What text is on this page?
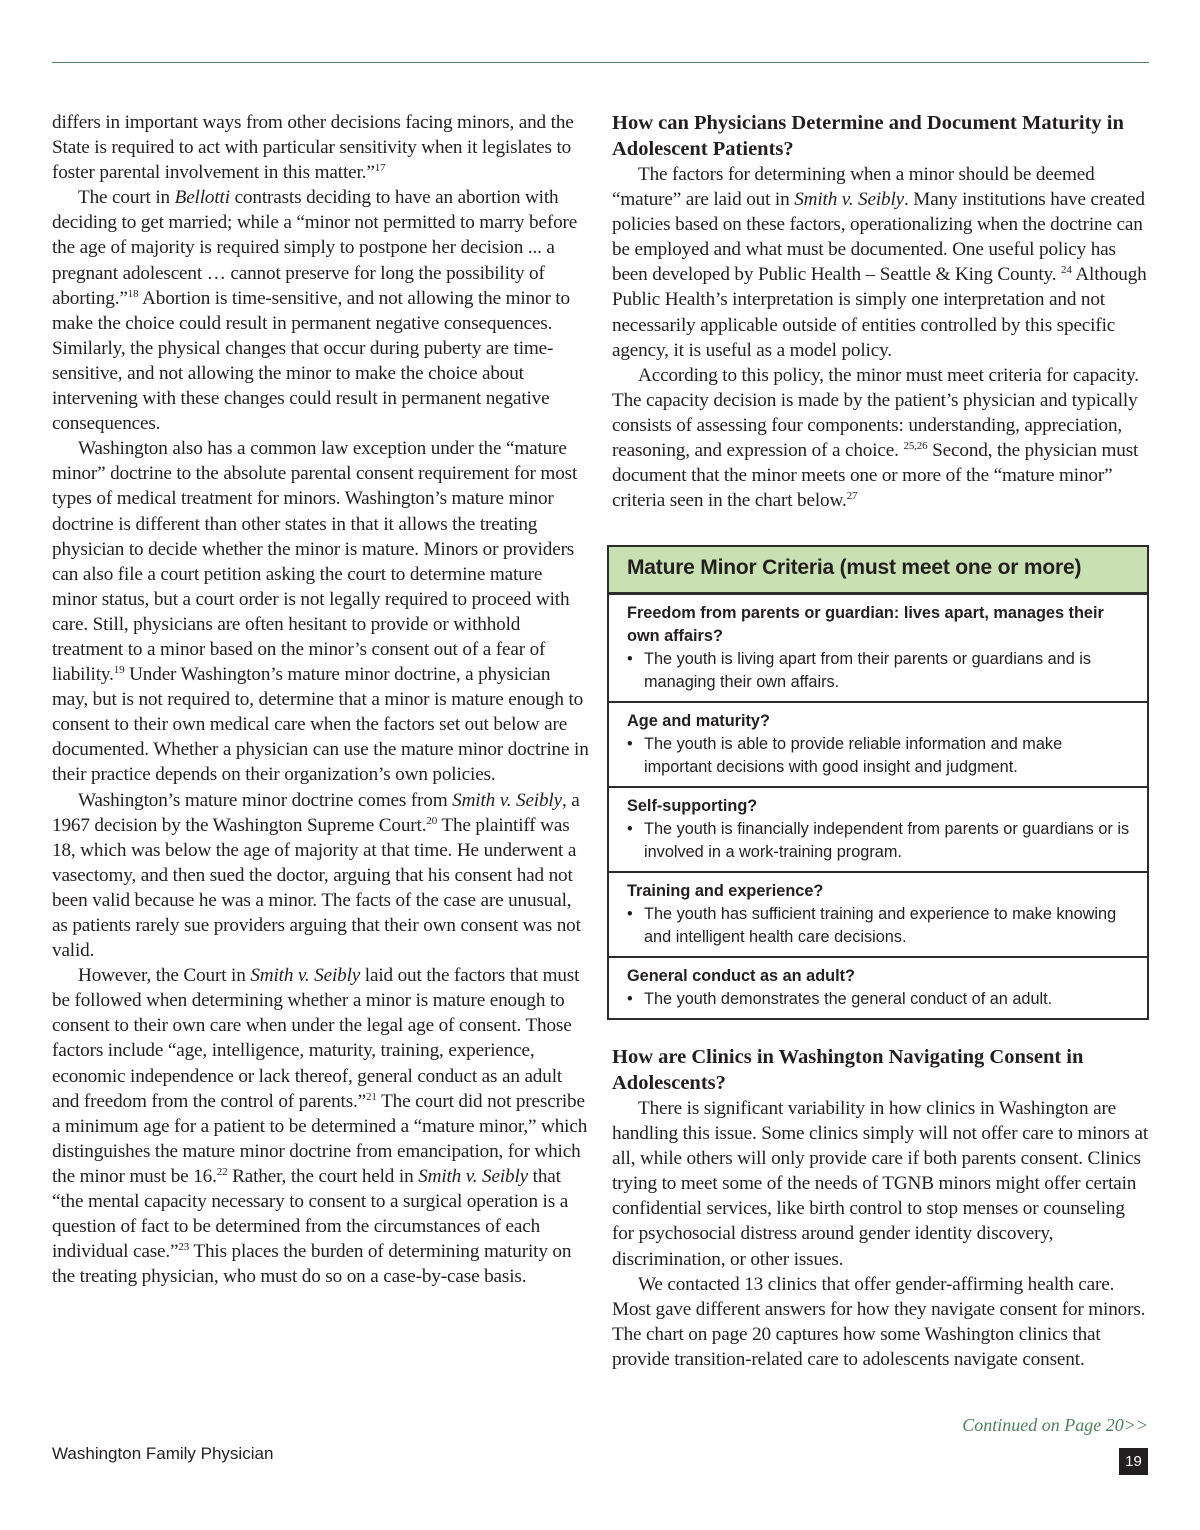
differs in important ways from other decisions facing minors, and the State is required to act with particular sensitivity when it legislates to foster parental involvement in this matter.”$^{17}$

The court in Bellotti contrasts deciding to have an abortion with deciding to get married; while a “minor not permitted to marry before the age of majority is required simply to postpone her decision ... a pregnant adolescent … cannot preserve for long the possibility of aborting.”$^{18}$ Abortion is time-sensitive, and not allowing the minor to make the choice could result in permanent negative consequences. Similarly, the physical changes that occur during puberty are time-sensitive, and not allowing the minor to make the choice about intervening with these changes could result in permanent negative consequences.

Washington also has a common law exception under the “mature minor” doctrine to the absolute parental consent requirement for most types of medical treatment for minors. Washington’s mature minor doctrine is different than other states in that it allows the treating physician to decide whether the minor is mature. Minors or providers can also file a court petition asking the court to determine mature minor status, but a court order is not legally required to proceed with care. Still, physicians are often hesitant to provide or withhold treatment to a minor based on the minor’s consent out of a fear of liability.$^{19}$ Under Washington’s mature minor doctrine, a physician may, but is not required to, determine that a minor is mature enough to consent to their own medical care when the factors set out below are documented. Whether a physician can use the mature minor doctrine in their practice depends on their organization’s own policies.

Washington’s mature minor doctrine comes from Smith v. Seibly, a 1967 decision by the Washington Supreme Court.$^{20}$ The plaintiff was 18, which was below the age of majority at that time. He underwent a vasectomy, and then sued the doctor, arguing that his consent had not been valid because he was a minor. The facts of the case are unusual, as patients rarely sue providers arguing that their own consent was not valid.

However, the Court in Smith v. Seibly laid out the factors that must be followed when determining whether a minor is mature enough to consent to their own care when under the legal age of consent. Those factors include “age, intelligence, maturity, training, experience, economic independence or lack thereof, general conduct as an adult and freedom from the control of parents.”$^{21}$ The court did not prescribe a minimum age for a patient to be determined a “mature minor,” which distinguishes the mature minor doctrine from emancipation, for which the minor must be 16.22 Rather, the court held in Smith v. Seibly that “the mental capacity necessary to consent to a surgical operation is a question of fact to be determined from the circumstances of each individual case.”$^{23}$ This places the burden of determining maturity on the treating physician, who must do so on a case-by-case basis.

How can Physicians Determine and Document Maturity in Adolescent Patients?

The factors for determining when a minor should be deemed “mature” are laid out in Smith v. Seibly. Many institutions have created policies based on these factors, operationalizing when the doctrine can be employed and what must be documented. One useful policy has been developed by Public Health – Seattle & King County. $^{24}$ Although Public Health’s interpretation is simply one interpretation and not necessarily applicable outside of entities controlled by this specific agency, it is useful as a model policy.

According to this policy, the minor must meet criteria for capacity. The capacity decision is made by the patient’s physician and typically consists of assessing four components: understanding, appreciation, reasoning, and expression of a choice. $^{25,26}$ Second, the physician must document that the minor meets one or more of the “mature minor” criteria seen in the chart below.$^{27}$

Mature Minor Criteria (must meet one or more)

Freedom from parents or guardian: lives apart, manages their own affairs?

• The youth is living apart from their parents or guardians and is managing their own affairs.

Age and maturity?

• The youth is able to provide reliable information and make important decisions with good insight and judgment.

Self-supporting?

• The youth is financially independent from parents or guardians or is involved in a work-training program.

Training and experience?

• The youth has sufficient training and experience to make knowing and intelligent health care decisions.

General conduct as an adult?

• The youth demonstrates the general conduct of an adult.

How are Clinics in Washington Navigating Consent in Adolescents?

There is significant variability in how clinics in Washington are handling this issue. Some clinics simply will not offer care to minors at all, while others will only provide care if both parents consent. Clinics trying to meet some of the needs of TGNB minors might offer certain confidential services, like birth control to stop menses or counseling for psychosocial distress around gender identity discovery, discrimination, or other issues.

We contacted 13 clinics that offer gender-affirming health care. Most gave different answers for how they navigate consent for minors. The chart on page 20 captures how some Washington clinics that provide transition-related care to adolescents navigate consent.

Continued on Page 20>>
Washington Family Physician	19
